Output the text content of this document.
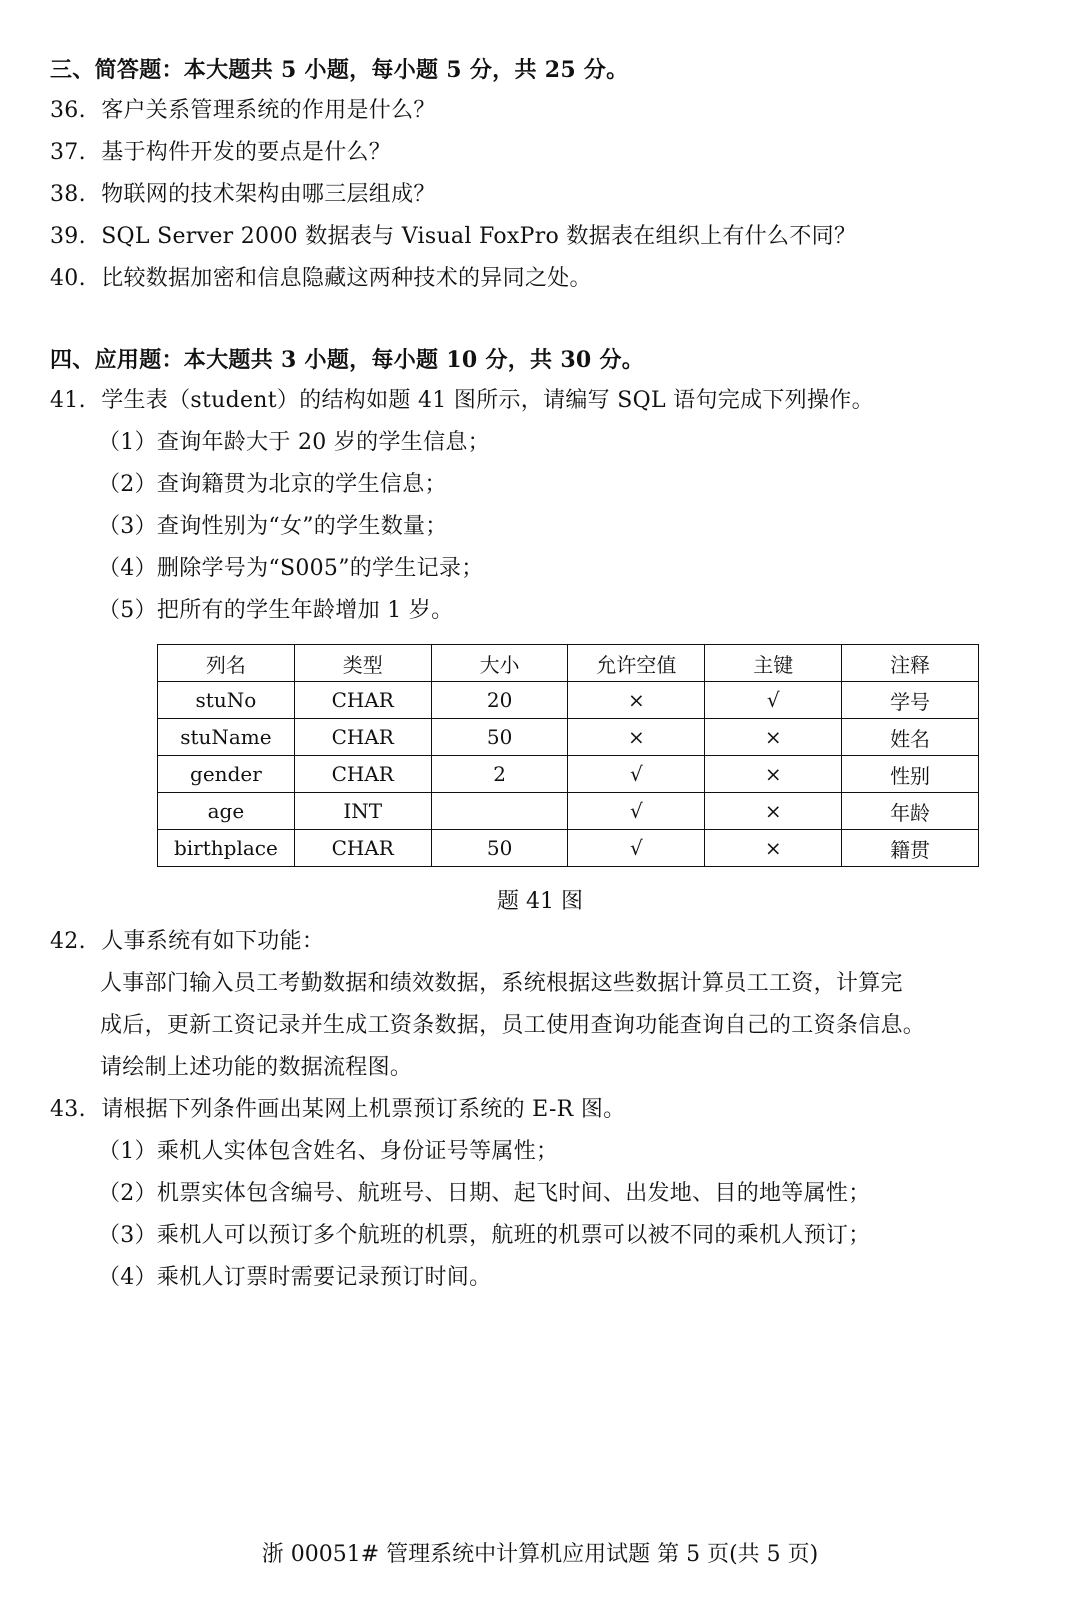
三、简答题：本大题共 5 小题，每小题 5 分，共 25 分。
36. 客户关系管理系统的作用是什么？
37. 基于构件开发的要点是什么？
38. 物联网的技术架构由哪三层组成？
39. SQL Server 2000 数据表与 Visual FoxPro 数据表在组织上有什么不同？
40. 比较数据加密和信息隐藏这两种技术的异同之处。
四、应用题：本大题共 3 小题，每小题 10 分，共 30 分。
41. 学生表（student）的结构如题 41 图所示，请编写 SQL 语句完成下列操作。
（1）查询年龄大于 20 岁的学生信息；
（2）查询籍贯为北京的学生信息；
（3）查询性别为“女”的学生数量；
（4）删除学号为“S005”的学生记录；
（5）把所有的学生年龄增加 1 岁。
列名	类型	大小	允许空值	主键	注释
stuNo	CHAR	20	×	√	学号
stuName	CHAR	50	×	×	姓名
gender	CHAR	2	√	×	性别
age	INT		√	×	年龄
birthplace	CHAR	50	√	×	籍贯
题 41 图
42. 人事系统有如下功能：
人事部门输入员工考勤数据和绩效数据，系统根据这些数据计算员工工资，计算完
成后，更新工资记录并生成工资条数据，员工使用查询功能查询自己的工资条信息。
请绘制上述功能的数据流程图。
43. 请根据下列条件画出某网上机票预订系统的 E-R 图。
（1）乘机人实体包含姓名、身份证号等属性；
（2）机票实体包含编号、航班号、日期、起飞时间、出发地、目的地等属性；
（3）乘机人可以预订多个航班的机票，航班的机票可以被不同的乘机人预订；
（4）乘机人订票时需要记录预订时间。
浙 00051# 管理系统中计算机应用试题 第 5 页(共 5 页)
